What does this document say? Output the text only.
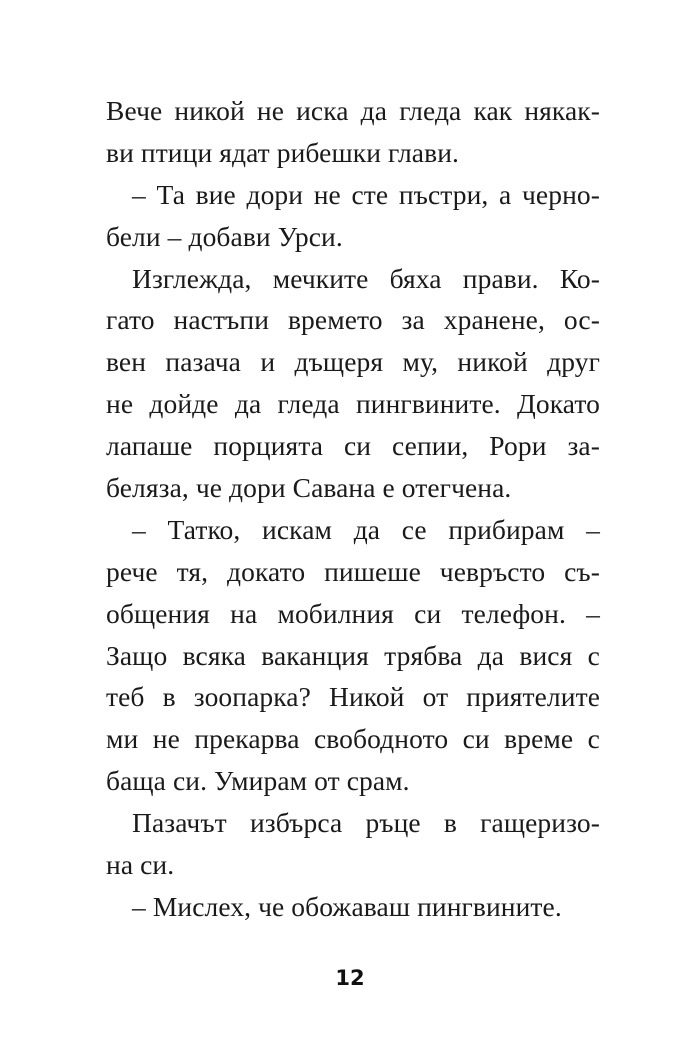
Вече никой не иска да гледа как някак-
ви птици ядат рибешки глави.
– Та вие дори не сте пъстри, а черно-
бели – добави Урси.
Изглежда, мечките бяха прави. Ко-
гато настъпи времето за хранене, ос-
вен пазача и дъщеря му, никой друг
не дойде да гледа пингвините. Докато
лапаше порцията си сепии, Рори за-
беляза, че дори Савана е отегчена.
– Татко, искам да се прибирам –
рече тя, докато пишеше чевръсто съ-
общения на мобилния си телефон. –
Защо всяка ваканция трябва да вися с
теб в зоопарка? Никой от приятелите
ми не прекарва свободното си време с
баща си. Умирам от срам.
Пазачът избърса ръце в гащеризо-
на си.
– Мислех, че обожаваш пингвините.
12
